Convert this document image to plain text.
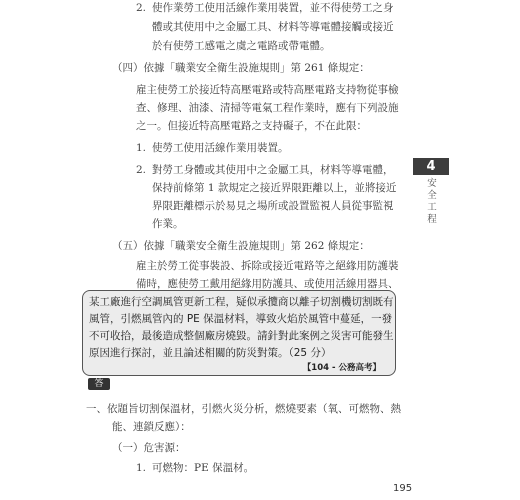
2. 使作業勞工使用活線作業用裝置，並不得使勞工之身
體或其使用中之金屬工具、材料等導電體接觸或接近
於有使勞工感電之虞之電路或帶電體。
（四）依據「職業安全衛生設施規則」第 261 條規定：
雇主使勞工於接近特高壓電路或特高壓電路支持物從事檢
查、修理、油漆、清掃等電氣工程作業時，應有下列設施
之一。但接近特高壓電路之支持礙子，不在此限：
1. 使勞工使用活線作業用裝置。
2. 對勞工身體或其使用中之金屬工具，材料等導電體，
保持前條第 1 款規定之接近界限距離以上，並將接近
界限距離標示於易見之場所或設置監視人員從事監視
作業。
（五）依據「職業安全衛生設施規則」第 262 條規定：
雇主於勞工從事裝設、拆除或接近電路等之絕緣用防護裝
備時，應使勞工戴用絕緣用防護具、或使用活線用器具、
某工廠進行空調風管更新工程，疑似承攬商以離子切割機切割既有
風管，引燃風管內的 PE 保溫材料，導致火焰於風管中蔓延，一發
不可收拾，最後造成整個廠房燒毀。請針對此案例之災害可能發生
原因進行探討，並且論述相關的防災對策。（25 分）
【104 - 公務高考】
答
一、依題旨切割保溫材，引燃火災分析，燃燒要素（氧、可燃物、熱
能、連鎖反應）：
（一）危害源：
1. 可燃物：PE 保溫材。
4
安
全
工
程
195
